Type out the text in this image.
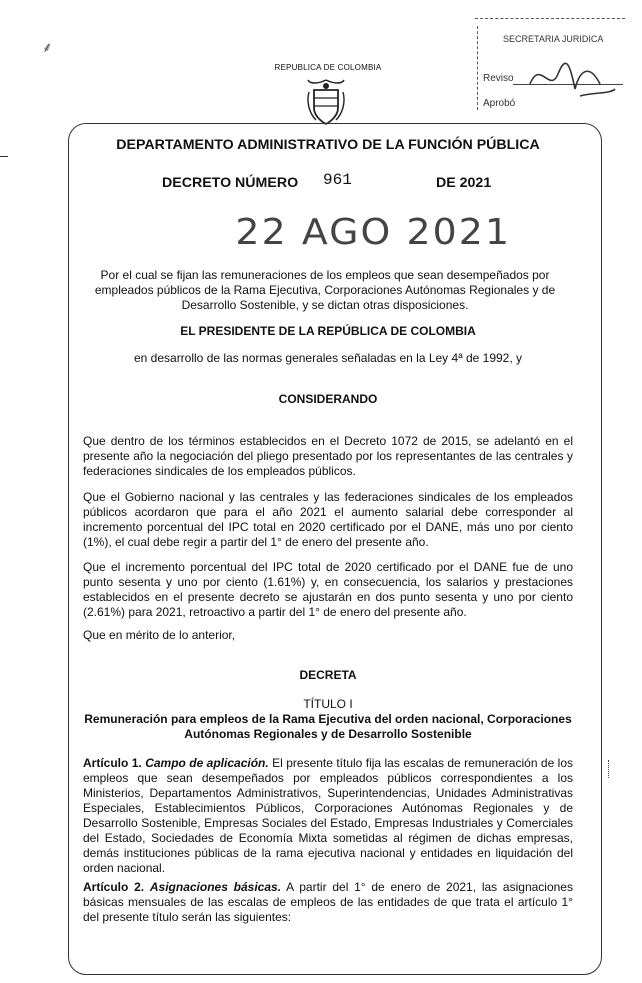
⸙	SECRETARIA JURIDICA
Reviso
Aprobó
REPUBLICA DE COLOMBIA
DEPARTAMENTO ADMINISTRATIVO DE LA FUNCIÓN PÚBLICA
DECRETO NÚMERO 961	DE 2021
22 AGO 2021
Por el cual se fijan las remuneraciones de los empleos que sean desempeñados por empleados públicos de la Rama Ejecutiva, Corporaciones Autónomas Regionales y de Desarrollo Sostenible, y se dictan otras disposiciones.
EL PRESIDENTE DE LA REPÚBLICA DE COLOMBIA
en desarrollo de las normas generales señaladas en la Ley 4ª de 1992, y
CONSIDERANDO
Que dentro de los términos establecidos en el Decreto 1072 de 2015, se adelantó en el presente año la negociación del pliego presentado por los representantes de las centrales y federaciones sindicales de los empleados públicos.
Que el Gobierno nacional y las centrales y las federaciones sindicales de los empleados públicos acordaron que para el año 2021 el aumento salarial debe corresponder al incremento porcentual del IPC total en 2020 certificado por el DANE, más uno por ciento (1%), el cual debe regir a partir del 1° de enero del presente año.
Que el incremento porcentual del IPC total de 2020 certificado por el DANE fue de uno punto sesenta y uno por ciento (1.61%) y, en consecuencia, los salarios y prestaciones establecidos en el presente decreto se ajustarán en dos punto sesenta y uno por ciento (2.61%) para 2021, retroactivo a partir del 1° de enero del presente año.
Que en mérito de lo anterior,
DECRETA
TÍTULO I
Remuneración para empleos de la Rama Ejecutiva del orden nacional, Corporaciones Autónomas Regionales y de Desarrollo Sostenible
Artículo 1. Campo de aplicación. El presente título fija las escalas de remuneración de los empleos que sean desempeñados por empleados públicos correspondientes a los Ministerios, Departamentos Administrativos, Superintendencias, Unidades Administrativas Especiales, Establecimientos Públicos, Corporaciones Autónomas Regionales y de Desarrollo Sostenible, Empresas Sociales del Estado, Empresas Industriales y Comerciales del Estado, Sociedades de Economía Mixta sometidas al régimen de dichas empresas, demás instituciones públicas de la rama ejecutiva nacional y entidades en liquidación del orden nacional.
Artículo 2. Asignaciones básicas. A partir del 1° de enero de 2021, las asignaciones básicas mensuales de las escalas de empleos de las entidades de que trata el artículo 1° del presente título serán las siguientes:
